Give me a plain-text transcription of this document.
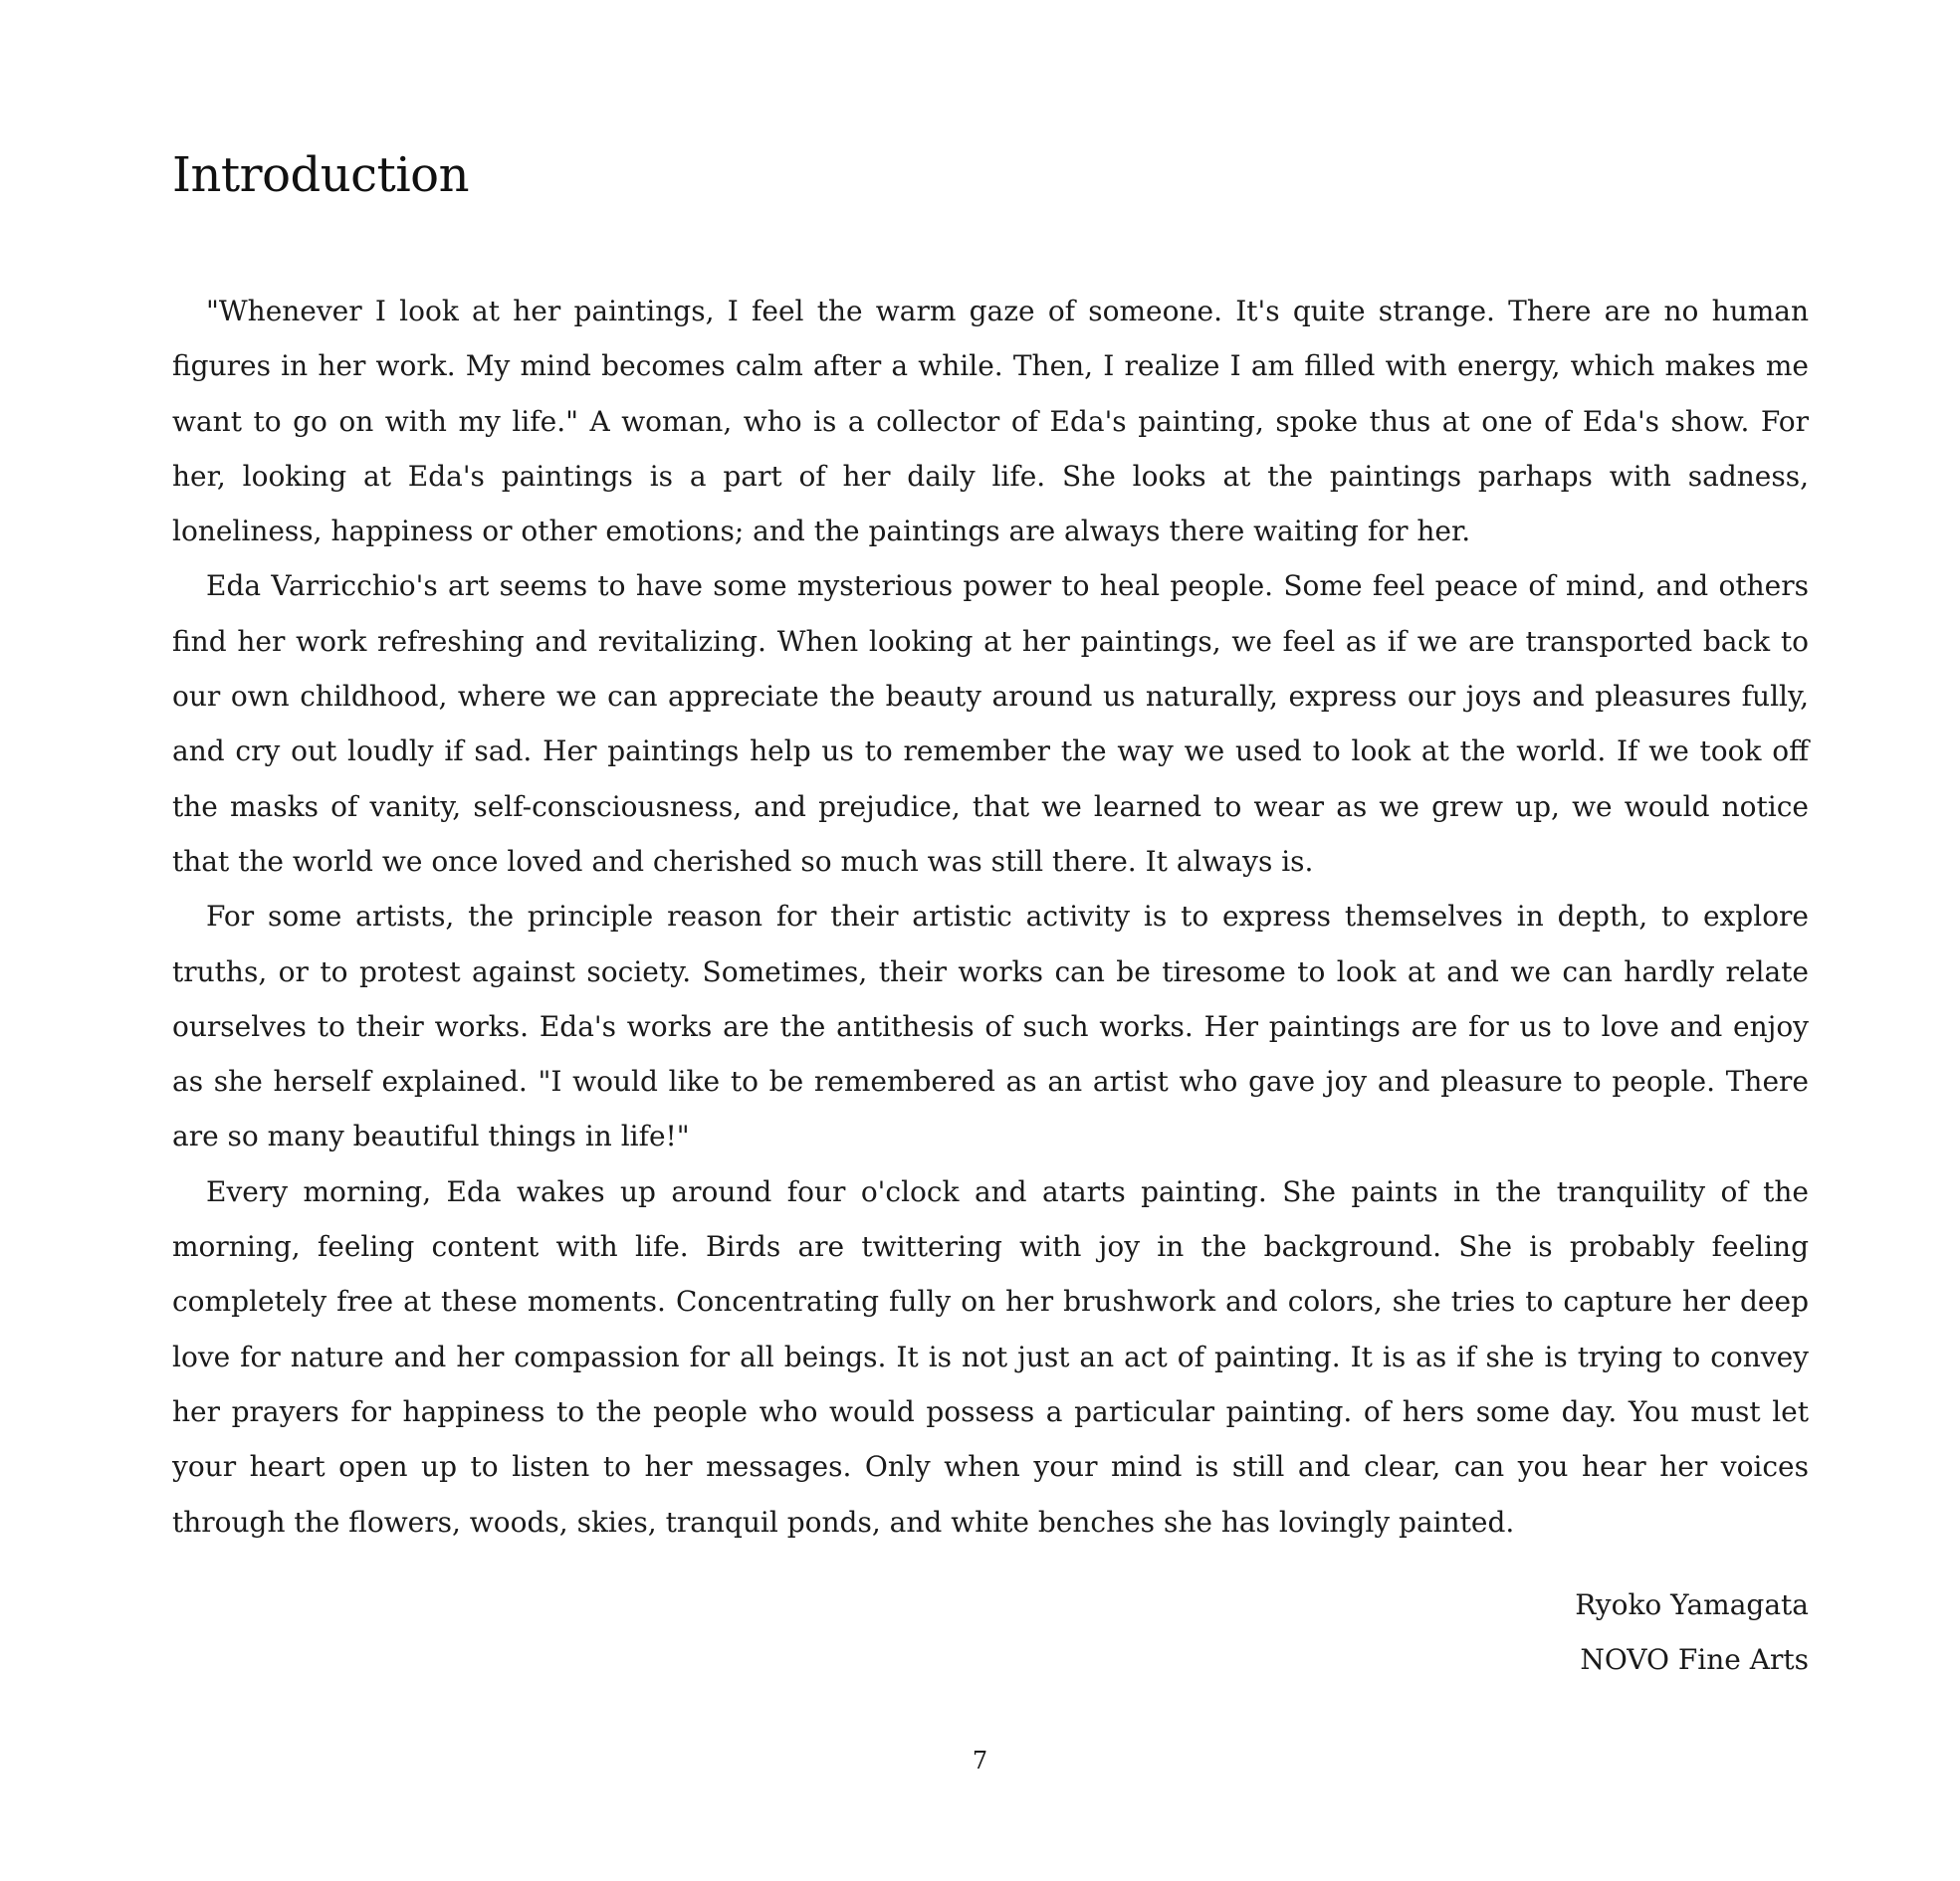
Introduction

"Whenever I look at her paintings, I feel the warm gaze of someone. It's quite strange. There are no human figures in her work. My mind becomes calm after a while. Then, I realize I am filled with energy, which makes me want to go on with my life." A woman, who is a collector of Eda's painting, spoke thus at one of Eda's show. For her, looking at Eda's paintings is a part of her daily life. She looks at the paintings parhaps with sadness, loneliness, happiness or other emotions; and the paintings are always there waiting for her.

Eda Varricchio's art seems to have some mysterious power to heal people. Some feel peace of mind, and others find her work refreshing and revitalizing. When looking at her paintings, we feel as if we are transported back to our own childhood, where we can appreciate the beauty around us naturally, express our joys and pleasures fully, and cry out loudly if sad. Her paintings help us to remember the way we used to look at the world. If we took off the masks of vanity, self-consciousness, and prejudice, that we learned to wear as we grew up, we would notice that the world we once loved and cherished so much was still there. It always is.

For some artists, the principle reason for their artistic activity is to express themselves in depth, to explore truths, or to protest against society. Sometimes, their works can be tiresome to look at and we can hardly relate ourselves to their works. Eda's works are the antithesis of such works. Her paintings are for us to love and enjoy as she herself explained. "I would like to be remembered as an artist who gave joy and pleasure to people. There are so many beautiful things in life!"

Every morning, Eda wakes up around four o'clock and atarts painting. She paints in the tranquility of the morning, feeling content with life. Birds are twittering with joy in the background. She is probably feeling completely free at these moments. Concentrating fully on her brushwork and colors, she tries to capture her deep love for nature and her compassion for all beings. It is not just an act of painting. It is as if she is trying to convey her prayers for happiness to the people who would possess a particular painting. of hers some day. You must let your heart open up to listen to her messages. Only when your mind is still and clear, can you hear her voices through the flowers, woods, skies, tranquil ponds, and white benches she has lovingly painted.

Ryoko Yamagata
NOVO Fine Arts
7
